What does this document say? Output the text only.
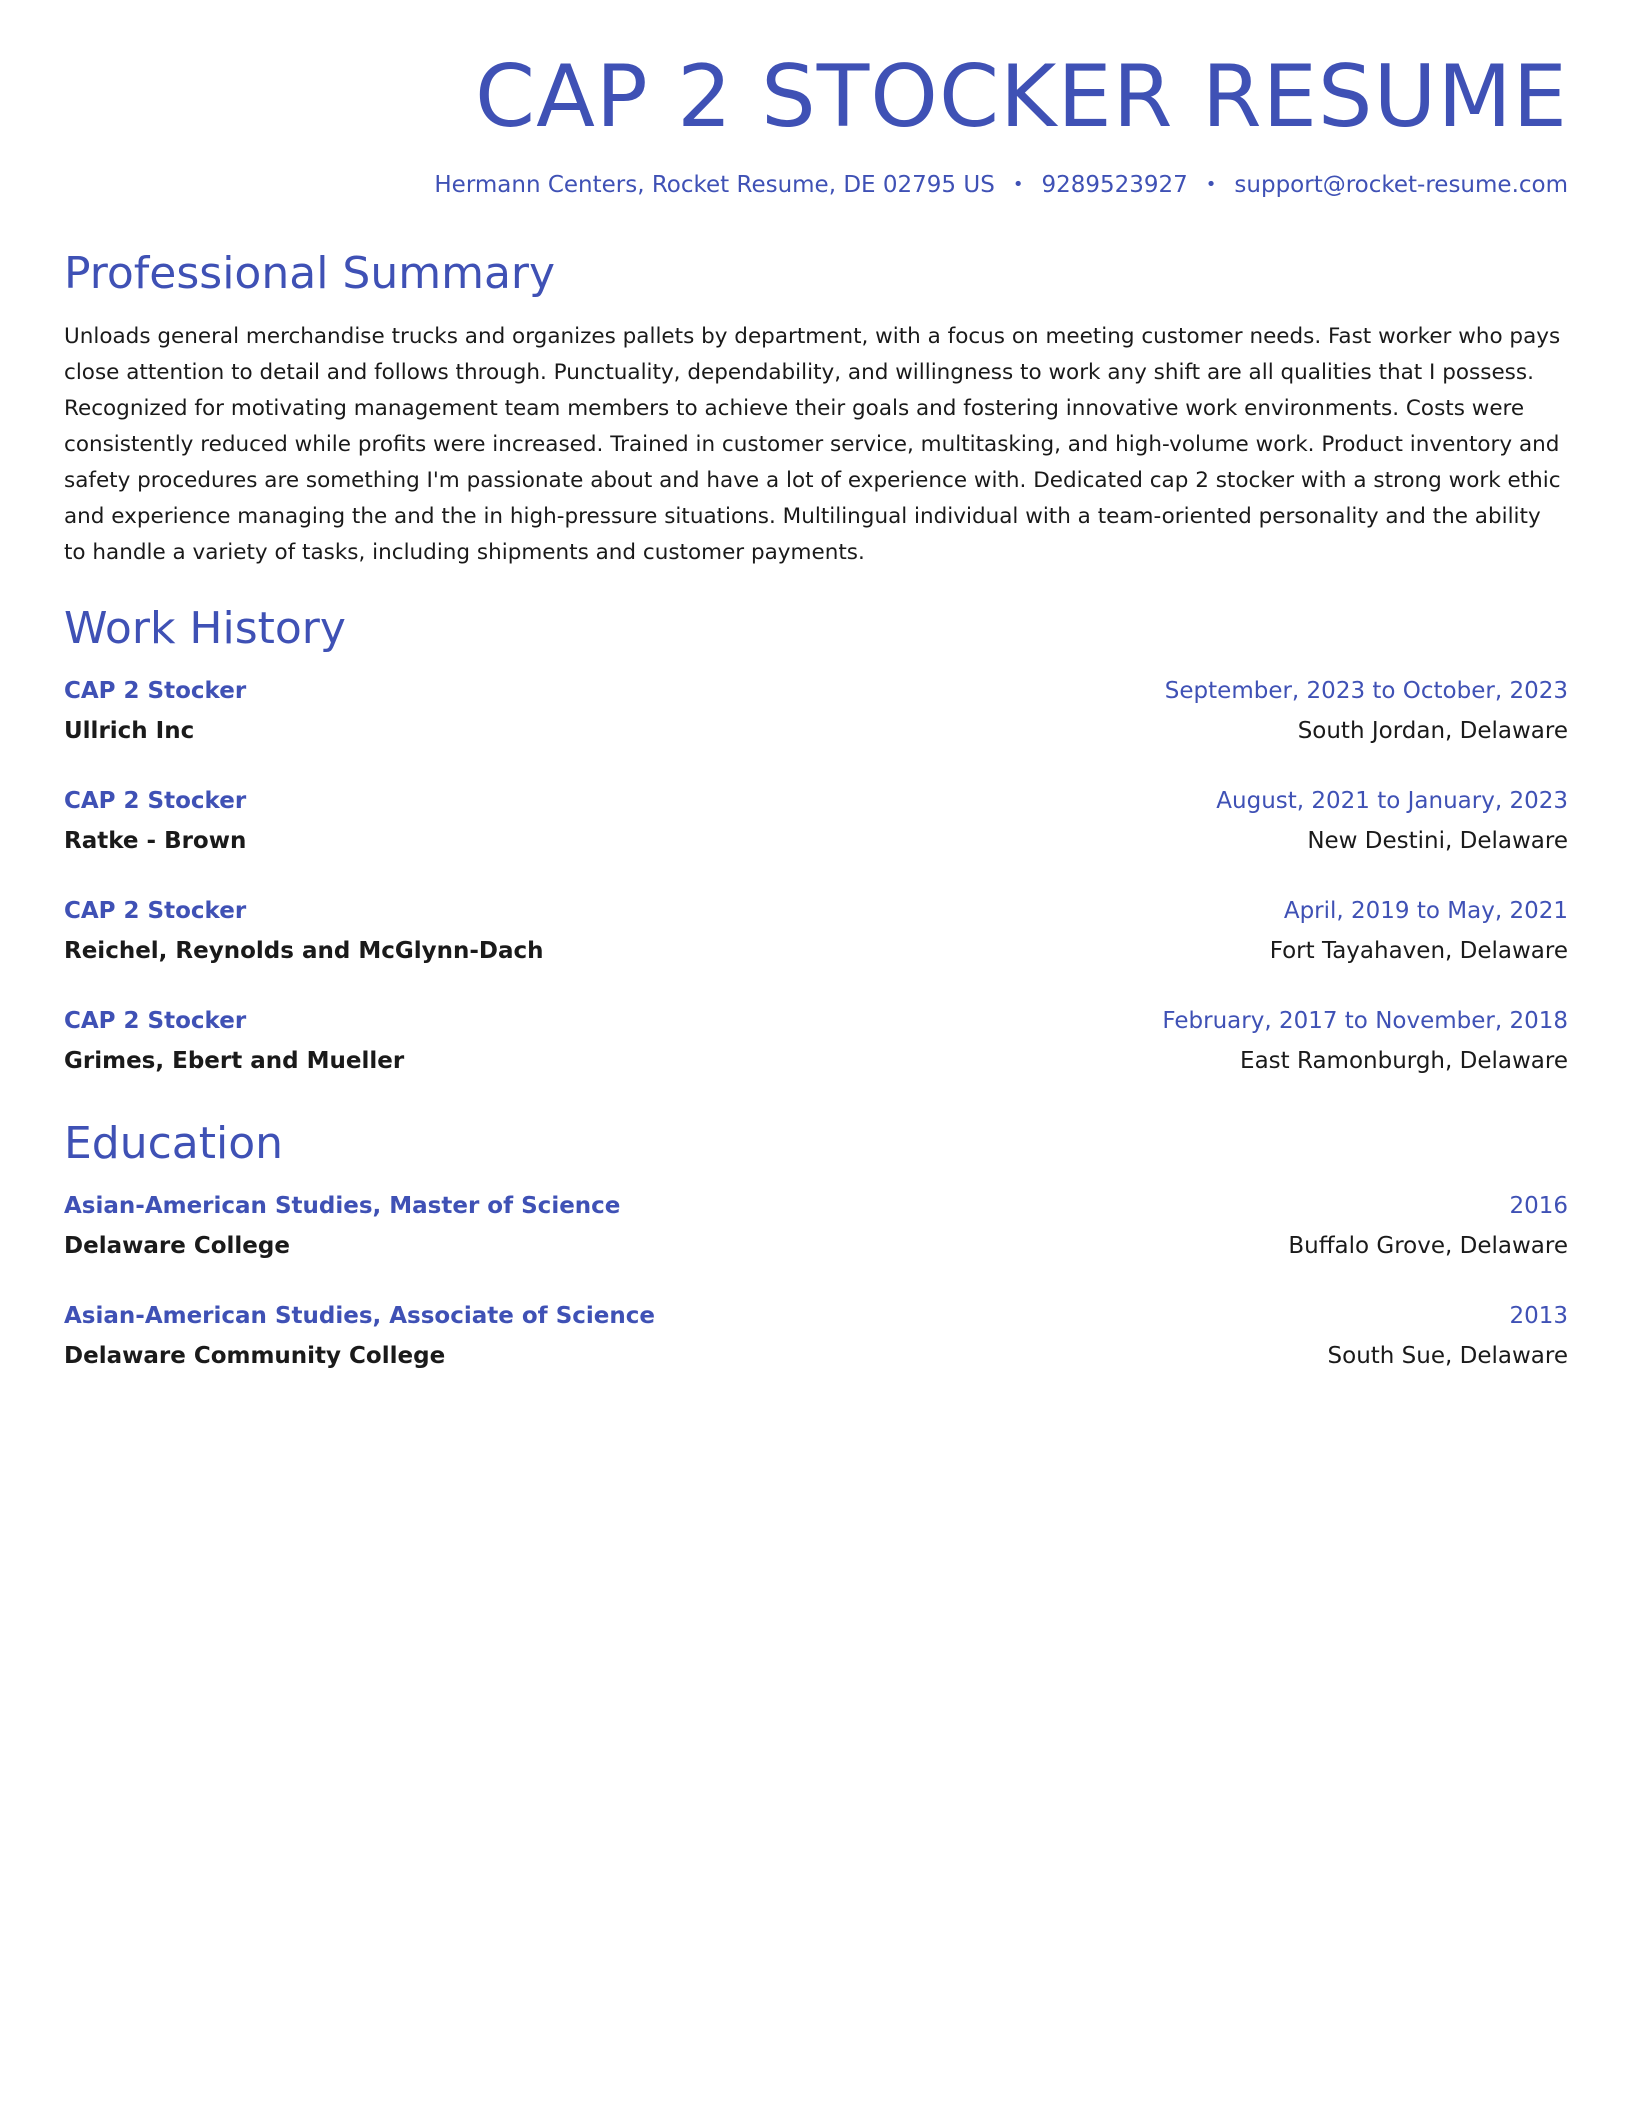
CAP 2 STOCKER RESUME
Hermann Centers, Rocket Resume, DE 02795 US • 9289523927 • support@rocket-resume.com
Professional Summary
Unloads general merchandise trucks and organizes pallets by department, with a focus on meeting customer needs. Fast worker who pays close attention to detail and follows through. Punctuality, dependability, and willingness to work any shift are all qualities that I possess. Recognized for motivating management team members to achieve their goals and fostering innovative work environments. Costs were consistently reduced while profits were increased. Trained in customer service, multitasking, and high-volume work. Product inventory and safety procedures are something I'm passionate about and have a lot of experience with. Dedicated cap 2 stocker with a strong work ethic and experience managing the and the in high-pressure situations. Multilingual individual with a team-oriented personality and the ability to handle a variety of tasks, including shipments and customer payments.
Work History
CAP 2 Stocker	September, 2023 to October, 2023
Ullrich Inc	South Jordan, Delaware
CAP 2 Stocker	August, 2021 to January, 2023
Ratke - Brown	New Destini, Delaware
CAP 2 Stocker	April, 2019 to May, 2021
Reichel, Reynolds and McGlynn-Dach	Fort Tayahaven, Delaware
CAP 2 Stocker	February, 2017 to November, 2018
Grimes, Ebert and Mueller	East Ramonburgh, Delaware
Education
Asian-American Studies, Master of Science	2016
Delaware College	Buffalo Grove, Delaware
Asian-American Studies, Associate of Science	2013
Delaware Community College	South Sue, Delaware
